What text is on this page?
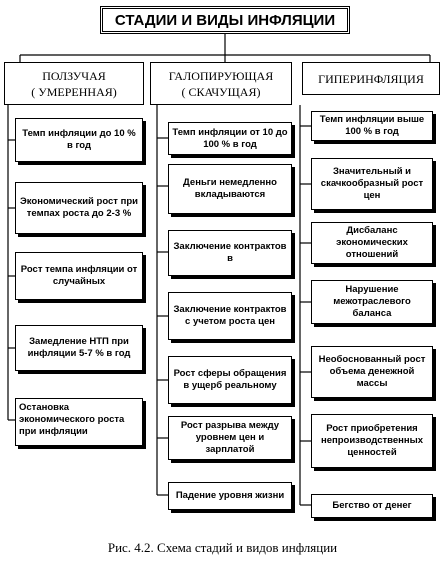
СТАДИИ И ВИДЫ ИНФЛЯЦИИ
ПОЛЗУЧАЯ
( УМЕРЕННАЯ)
ГАЛОПИРУЮЩАЯ
( СКАЧУЩАЯ)
ГИПЕРИНФЛЯЦИЯ
Темп инфляции до 10 % в год
Экономический рост при темпах роста до 2-3 %
Рост темпа инфляции от случайных
Замедление НТП при инфляции 5-7 % в год
Остановка экономического роста при инфляции
Темп инфляции от 10 до 100 % в год
Деньги немедленно вкладываются
Заключение контрактов в
Заключение контрактов с учетом роста цен
Рост сферы обращения в ущерб реальному
Рост разрыва между уровнем цен и зарплатой
Падение уровня жизни
Темп инфляции выше 100 % в год
Значительный и скачкообразный рост цен
Дисбаланс экономических отношений
Нарушение межотраслевого баланса
Необоснованный рост объема денежной массы
Рост приобретения непроизводственных ценностей
Бегство от денег
Рис. 4.2. Схема стадий и видов инфляции
